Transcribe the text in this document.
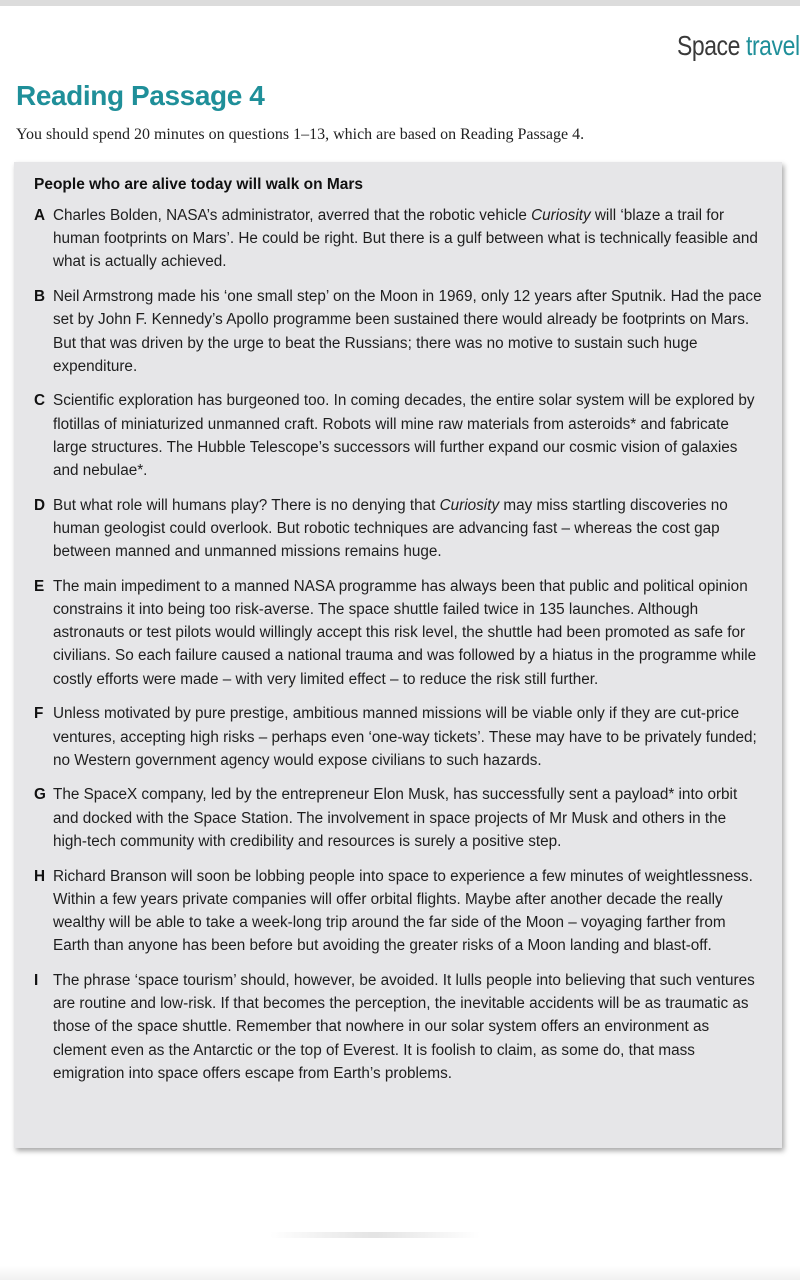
Space travel
Reading Passage 4

You should spend 20 minutes on questions 1–13, which are based on Reading Passage 4.

People who are alive today will walk on Mars
A Charles Bolden, NASA’s administrator, averred that the robotic vehicle Curiosity will ‘blaze a trail for human footprints on Mars’. He could be right. But there is a gulf between what is technically feasible and what is actually achieved.
B Neil Armstrong made his ‘one small step’ on the Moon in 1969, only 12 years after Sputnik. Had the pace set by John F. Kennedy’s Apollo programme been sustained there would already be footprints on Mars. But that was driven by the urge to beat the Russians; there was no motive to sustain such huge expenditure.
C Scientific exploration has burgeoned too. In coming decades, the entire solar system will be explored by flotillas of miniaturized unmanned craft. Robots will mine raw materials from asteroids* and fabricate large structures. The Hubble Telescope’s successors will further expand our cosmic vision of galaxies and nebulae*.
D But what role will humans play? There is no denying that Curiosity may miss startling discoveries no human geologist could overlook. But robotic techniques are advancing fast – whereas the cost gap between manned and unmanned missions remains huge.
E The main impediment to a manned NASA programme has always been that public and political opinion constrains it into being too risk-averse. The space shuttle failed twice in 135 launches. Although astronauts or test pilots would willingly accept this risk level, the shuttle had been promoted as safe for civilians. So each failure caused a national trauma and was followed by a hiatus in the programme while costly efforts were made – with very limited effect – to reduce the risk still further.
F Unless motivated by pure prestige, ambitious manned missions will be viable only if they are cut-price ventures, accepting high risks – perhaps even ‘one-way tickets’. These may have to be privately funded; no Western government agency would expose civilians to such hazards.
G The SpaceX company, led by the entrepreneur Elon Musk, has successfully sent a payload* into orbit and docked with the Space Station. The involvement in space projects of Mr Musk and others in the high-tech community with credibility and resources is surely a positive step.
H Richard Branson will soon be lobbing people into space to experience a few minutes of weightlessness. Within a few years private companies will offer orbital flights. Maybe after another decade the really wealthy will be able to take a week-long trip around the far side of the Moon – voyaging farther from Earth than anyone has been before but avoiding the greater risks of a Moon landing and blast-off.
I The phrase ‘space tourism’ should, however, be avoided. It lulls people into believing that such ventures are routine and low-risk. If that becomes the perception, the inevitable accidents will be as traumatic as those of the space shuttle. Remember that nowhere in our solar system offers an environment as clement even as the Antarctic or the top of Everest. It is foolish to claim, as some do, that mass emigration into space offers escape from Earth’s problems.
